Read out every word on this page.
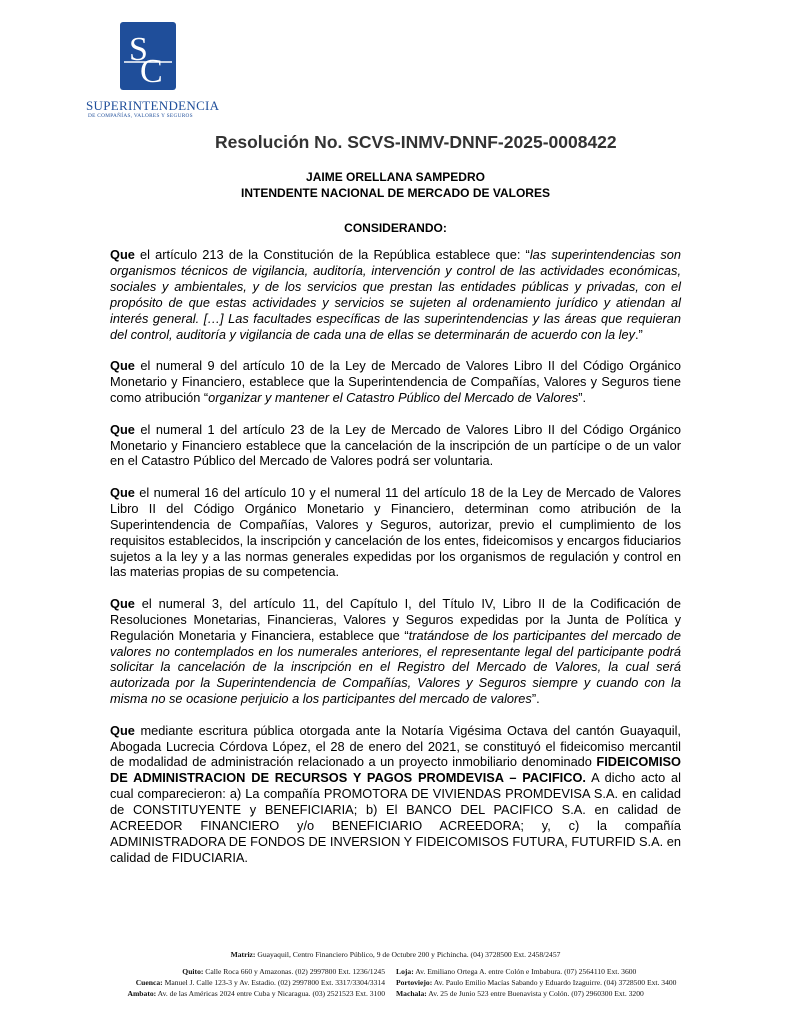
S
C
SUPERINTENDENCIA
DE COMPAÑÍAS, VALORES Y SEGUROS
Resolución No. SCVS-INMV-DNNF-2025-0008422
JAIME ORELLANA SAMPEDRO
INTENDENTE NACIONAL DE MERCADO DE VALORES
CONSIDERANDO:

Que el artículo 213 de la Constitución de la República establece que: “las superintendencias son organismos técnicos de vigilancia, auditoría, intervención y control de las actividades económicas, sociales y ambientales, y de los servicios que prestan las entidades públicas y privadas, con el propósito de que estas actividades y servicios se sujeten al ordenamiento jurídico y atiendan al interés general. […] Las facultades específicas de las superintendencias y las áreas que requieran del control, auditoría y vigilancia de cada una de ellas se determinarán de acuerdo con la ley.”

Que el numeral 9 del artículo 10 de la Ley de Mercado de Valores Libro II del Código Orgánico Monetario y Financiero, establece que la Superintendencia de Compañías, Valores y Seguros tiene como atribución “organizar y mantener el Catastro Público del Mercado de Valores”.

Que el numeral 1 del artículo 23 de la Ley de Mercado de Valores Libro II del Código Orgánico Monetario y Financiero establece que la cancelación de la inscripción de un partícipe o de un valor en el Catastro Público del Mercado de Valores podrá ser voluntaria.

Que el numeral 16 del artículo 10 y el numeral 11 del artículo 18 de la Ley de Mercado de Valores Libro II del Código Orgánico Monetario y Financiero, determinan como atribución de la Superintendencia de Compañías, Valores y Seguros, autorizar, previo el cumplimiento de los requisitos establecidos, la inscripción y cancelación de los entes, fideicomisos y encargos fiduciarios sujetos a la ley y a las normas generales expedidas por los organismos de regulación y control en las materias propias de su competencia.

Que el numeral 3, del artículo 11, del Capítulo I, del Título IV, Libro II de la Codificación de Resoluciones Monetarias, Financieras, Valores y Seguros expedidas por la Junta de Política y Regulación Monetaria y Financiera, establece que “tratándose de los participantes del mercado de valores no contemplados en los numerales anteriores, el representante legal del participante podrá solicitar la cancelación de la inscripción en el Registro del Mercado de Valores, la cual será autorizada por la Superintendencia de Compañías, Valores y Seguros siempre y cuando con la misma no se ocasione perjuicio a los participantes del mercado de valores”.

Que mediante escritura pública otorgada ante la Notaría Vigésima Octava del cantón Guayaquil, Abogada Lucrecia Córdova López, el 28 de enero del 2021, se constituyó el fideicomiso mercantil de modalidad de administración relacionado a un proyecto inmobiliario denominado FIDEICOMISO DE ADMINISTRACION DE RECURSOS Y PAGOS PROMDEVISA – PACIFICO. A dicho acto al cual comparecieron: a) La compañía PROMOTORA DE VIVIENDAS PROMDEVISA S.A. en calidad de CONSTITUYENTE y BENEFICIARIA; b) El BANCO DEL PACIFICO S.A. en calidad de ACREEDOR FINANCIERO y/o BENEFICIARIO ACREEDORA; y, c) la compañía ADMINISTRADORA DE FONDOS DE INVERSION Y FIDEICOMISOS FUTURA, FUTURFID S.A. en calidad de FIDUCIARIA.

Matriz: Guayaquil, Centro Financiero Público, 9 de Octubre 200 y Pichincha. (04) 3728500 Ext. 2458/2457
Quito: Calle Roca 660 y Amazonas. (02) 2997800 Ext. 1236/1245
Cuenca: Manuel J. Calle 123-3 y Av. Estadio. (02) 2997800 Ext. 3317/3304/3314
Ambato: Av. de las Américas 2024 entre Cuba y Nicaragua. (03) 2521523 Ext. 3100
Loja: Av. Emiliano Ortega A. entre Colón e Imbabura. (07) 2564110 Ext. 3600
Portoviejo: Av. Paulo Emilio Macías Sabando y Eduardo Izaguirre. (04) 3728500 Ext. 3400
Machala: Av. 25 de Junio 523 entre Buenavista y Colón. (07) 2960300 Ext. 3200
